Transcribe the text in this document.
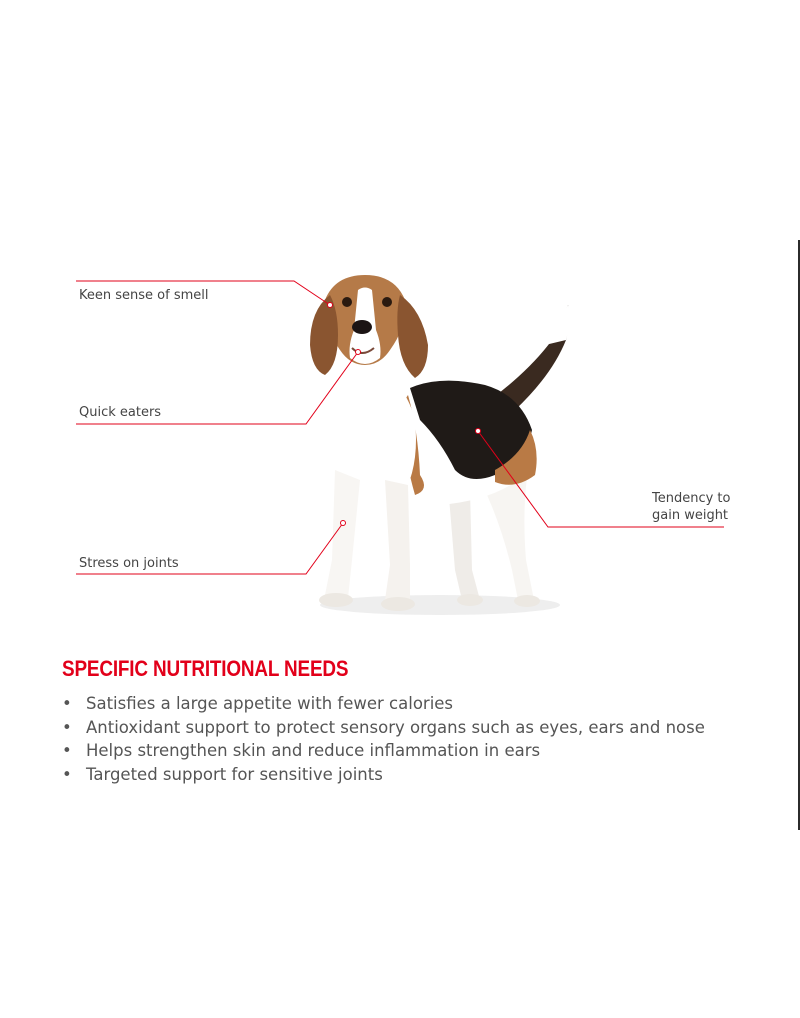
Keen sense of smell
Quick eaters
Stress on joints
Tendency to gain weight
SPECIFIC NUTRITIONAL NEEDS
• Satisfies a large appetite with fewer calories
• Antioxidant support to protect sensory organs such as eyes, ears and nose
• Helps strengthen skin and reduce inflammation in ears
• Targeted support for sensitive joints
